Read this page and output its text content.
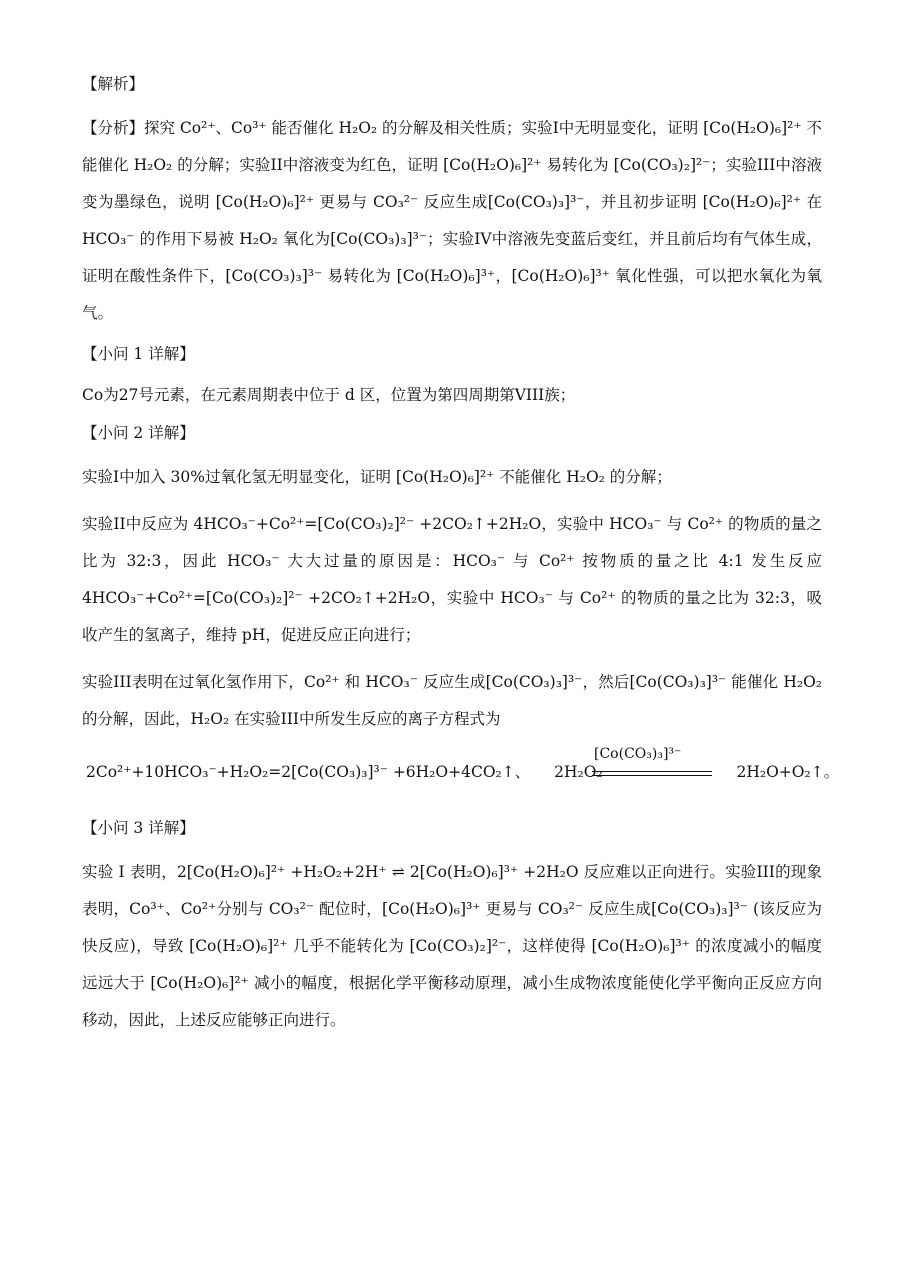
【解析】

【分析】探究 Co²⁺、Co³⁺ 能否催化 H₂O₂ 的分解及相关性质；实验I中无明显变化，证明 [Co(H₂O)₆]²⁺ 不能催化 H₂O₂ 的分解；实验II中溶液变为红色，证明 [Co(H₂O)₆]²⁺ 易转化为 [Co(CO₃)₂]²⁻；实验III中溶液变为墨绿色，说明 [Co(H₂O)₆]²⁺ 更易与 CO₃²⁻ 反应生成[Co(CO₃)₃]³⁻，并且初步证明 [Co(H₂O)₆]²⁺ 在 HCO₃⁻ 的作用下易被 H₂O₂ 氧化为[Co(CO₃)₃]³⁻；实验IV中溶液先变蓝后变红，并且前后均有气体生成，证明在酸性条件下，[Co(CO₃)₃]³⁻ 易转化为 [Co(H₂O)₆]³⁺，[Co(H₂O)₆]³⁺ 氧化性强，可以把水氧化为氧气。

【小问 1 详解】

Co为27号元素，在元素周期表中位于 d 区，位置为第四周期第VIII族；

【小问 2 详解】

实验I中加入 30%过氧化氢无明显变化，证明 [Co(H₂O)₆]²⁺ 不能催化 H₂O₂ 的分解；

实验II中反应为 4HCO₃⁻+Co²⁺=[Co(CO₃)₂]²⁻ +2CO₂↑+2H₂O，实验中 HCO₃⁻ 与 Co²⁺ 的物质的量之比为 32:3，因此 HCO₃⁻ 大大过量的原因是：HCO₃⁻ 与 Co²⁺ 按物质的量之比 4:1 发生反应 4HCO₃⁻+Co²⁺=[Co(CO₃)₂]²⁻ +2CO₂↑+2H₂O，实验中 HCO₃⁻ 与 Co²⁺ 的物质的量之比为 32:3，吸收产生的氢离子，维持 pH，促进反应正向进行；

实验III表明在过氧化氢作用下，Co²⁺ 和 HCO₃⁻ 反应生成[Co(CO₃)₃]³⁻，然后[Co(CO₃)₃]³⁻ 能催化 H₂O₂ 的分解，因此，H₂O₂ 在实验III中所发生反应的离子方程式为

2Co²⁺+10HCO₃⁻+H₂O₂=2[Co(CO₃)₃]³⁻ +6H₂O+4CO₂↑、 2H₂O₂
[Co(CO₃)₃]³⁻
2H₂O+O₂↑。
【小问 3 详解】

实验 I 表明，2[Co(H₂O)₆]²⁺ +H₂O₂+2H⁺ ⇌ 2[Co(H₂O)₆]³⁺ +2H₂O 反应难以正向进行。实验III的现象表明，Co³⁺、Co²⁺分别与 CO₃²⁻ 配位时，[Co(H₂O)₆]³⁺ 更易与 CO₃²⁻ 反应生成[Co(CO₃)₃]³⁻ (该反应为快反应)，导致 [Co(H₂O)₆]²⁺ 几乎不能转化为 [Co(CO₃)₂]²⁻，这样使得 [Co(H₂O)₆]³⁺ 的浓度减小的幅度远远大于 [Co(H₂O)₆]²⁺ 减小的幅度，根据化学平衡移动原理，减小生成物浓度能使化学平衡向正反应方向移动，因此，上述反应能够正向进行。
